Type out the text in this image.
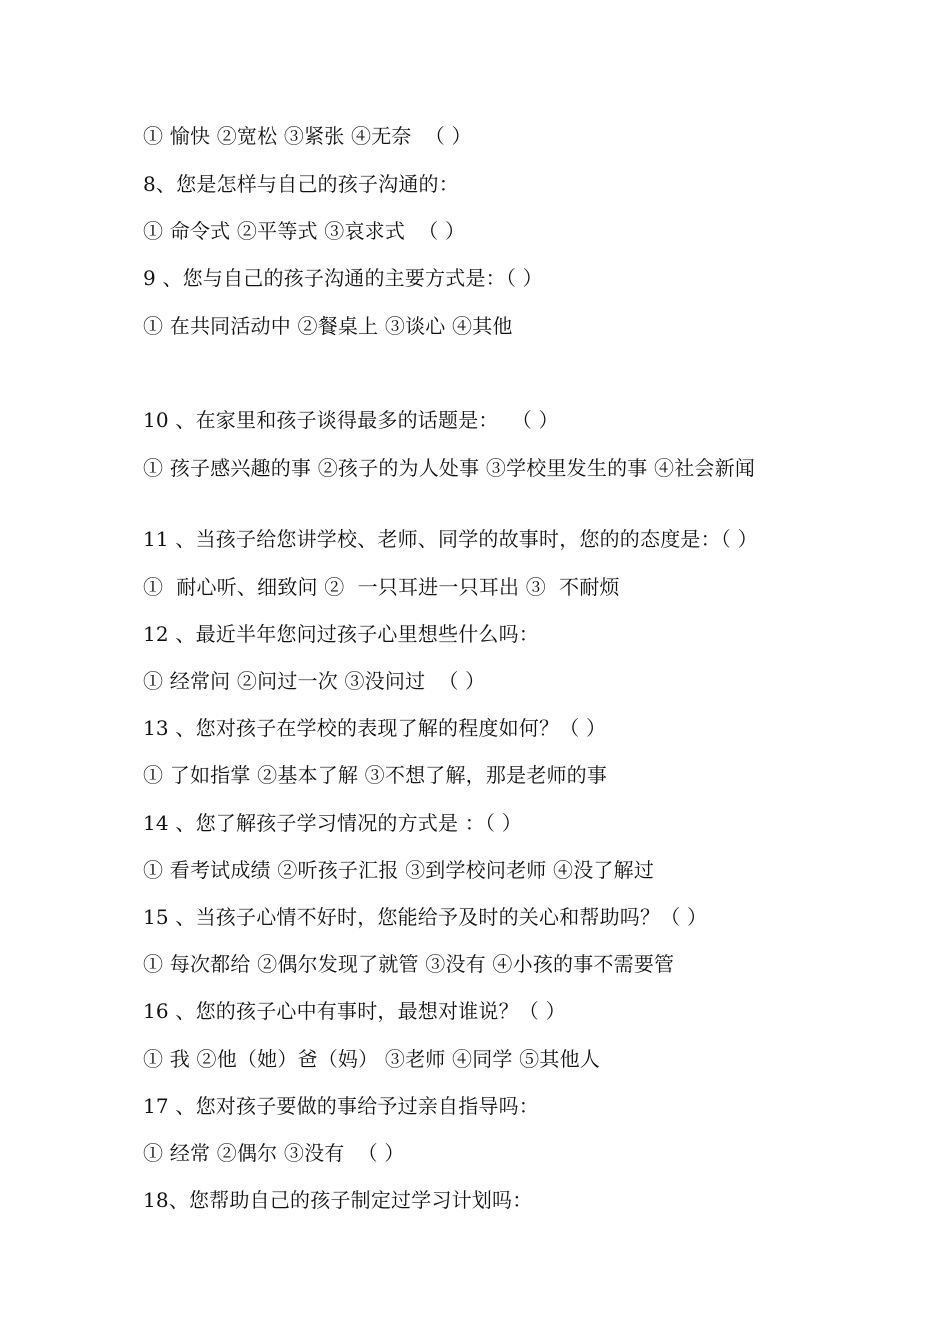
① 愉快 ②宽松 ③紧张 ④无奈  （ ）
8、您是怎样与自己的孩子沟通的：
① 命令式 ②平等式 ③哀求式  （ ）
9 、您与自己的孩子沟通的主要方式是：（ ）
① 在共同活动中 ②餐桌上 ③谈心 ④其他
10 、在家里和孩子谈得最多的话题是：  （ ）
① 孩子感兴趣的事 ②孩子的为人处事 ③学校里发生的事 ④社会新闻
11 、当孩子给您讲学校、老师、同学的故事时，您的的态度是：（ ）
①  耐心听、细致问 ②  一只耳进一只耳出 ③  不耐烦
12 、最近半年您问过孩子心里想些什么吗：
① 经常问 ②问过一次 ③没问过  （ ）
13 、您对孩子在学校的表现了解的程度如何？（ ）
① 了如指掌 ②基本了解 ③不想了解，那是老师的事
14 、您了解孩子学习情况的方式是 ：（ ）
① 看考试成绩 ②听孩子汇报 ③到学校问老师 ④没了解过
15 、当孩子心情不好时，您能给予及时的关心和帮助吗？（ ）
① 每次都给 ②偶尔发现了就管 ③没有 ④小孩的事不需要管
16 、您的孩子心中有事时，最想对谁说？（ ）
① 我 ②他（她）爸（妈） ③老师 ④同学 ⑤其他人
17 、您对孩子要做的事给予过亲自指导吗：
① 经常 ②偶尔 ③没有  （ ）
18、您帮助自己的孩子制定过学习计划吗：
